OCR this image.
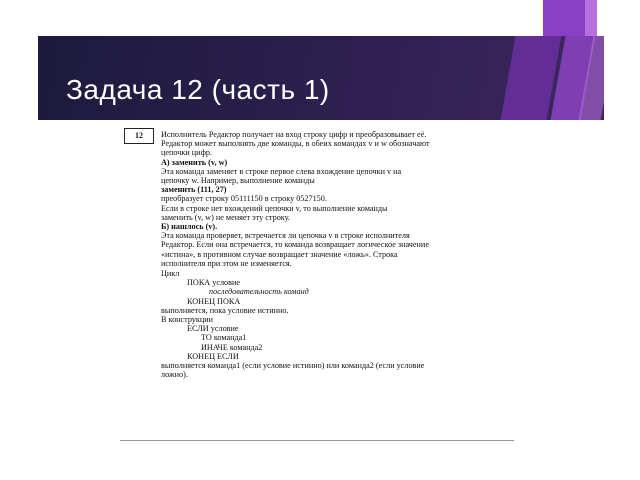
Задача 12 (часть 1)
12	Исполнитель Редактор получает на вход строку цифр и преобразовывает её.
Редактор может выполнять две команды, в обеих командах v и w обозначают
цепочки цифр.
А) заменить (v, w)
Эта команда заменяет в строке первое слева вхождение цепочки v на
цепочку w. Например, выполнение команды
заменить (111, 27)
преобразует строку 05111150 в строку 0527150.
Если в строке нет вхождений цепочки v, то выполнение команды
заменить (v, w) не меняет эту строку.
Б) нашлось (v).
Эта команда проверяет, встречается ли цепочка v в строке исполнителя
Редактор. Если она встречается, то команда возвращает логическое значение
«истина», в противном случае возвращает значение «ложь». Строка
исполнителя при этом не изменяется.
Цикл
ПОКА условие
последовательность команд
КОНЕЦ ПОКА
выполняется, пока условие истинно.
В конструкции
ЕСЛИ условие
ТО команда1
ИНАЧЕ команда2
КОНЕЦ ЕСЛИ
выполняется команда1 (если условие истинно) или команда2 (если условие
ложно).
